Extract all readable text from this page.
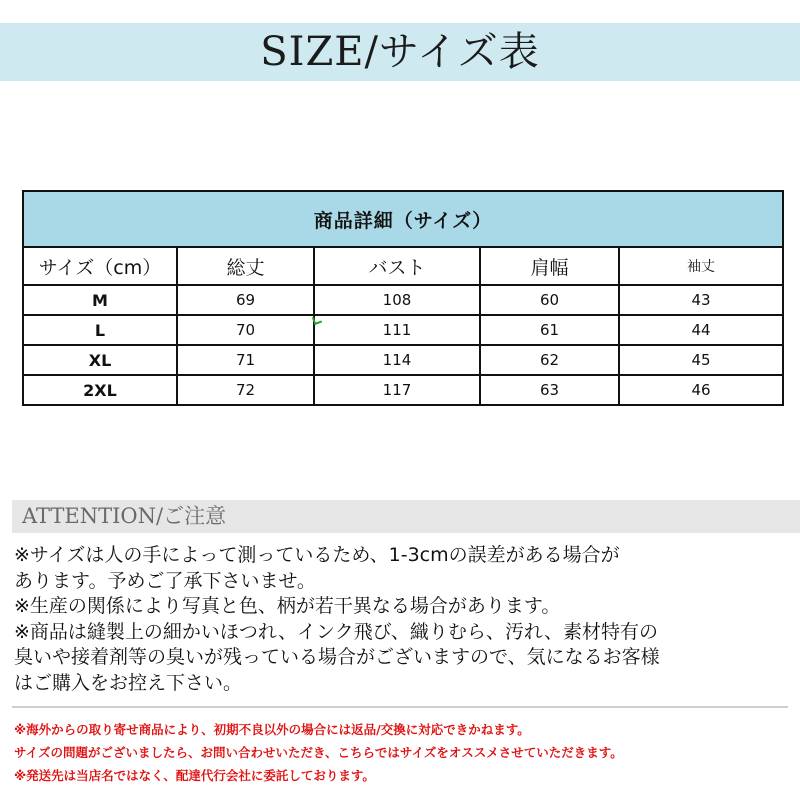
SIZE/サイズ表
商品詳細（サイズ）				
サイズ（cm）	総丈	バスト	肩幅	袖丈
M	69	108	60	43
L	70	111	61	44
XL	71	114	62	45
2XL	72	117	63	46
ATTENTION/ご注意

※サイズは人の手によって測っているため、1-3cmの誤差がある場合が

あります。予めご了承下さいませ。

※生産の関係により写真と色、柄が若干異なる場合があります。

※商品は縫製上の細かいほつれ、インク飛び、織りむら、汚れ、素材特有の

臭いや接着剤等の臭いが残っている場合がございますので、気になるお客様

はご購入をお控え下さい。

※海外からの取り寄せ商品により、初期不良以外の場合には返品/交換に対応できかねます。

サイズの問題がございましたら、お問い合わせいただき、こちらではサイズをオススメさせていただきます。

※発送先は当店名ではなく、配達代行会社に委託しております。
